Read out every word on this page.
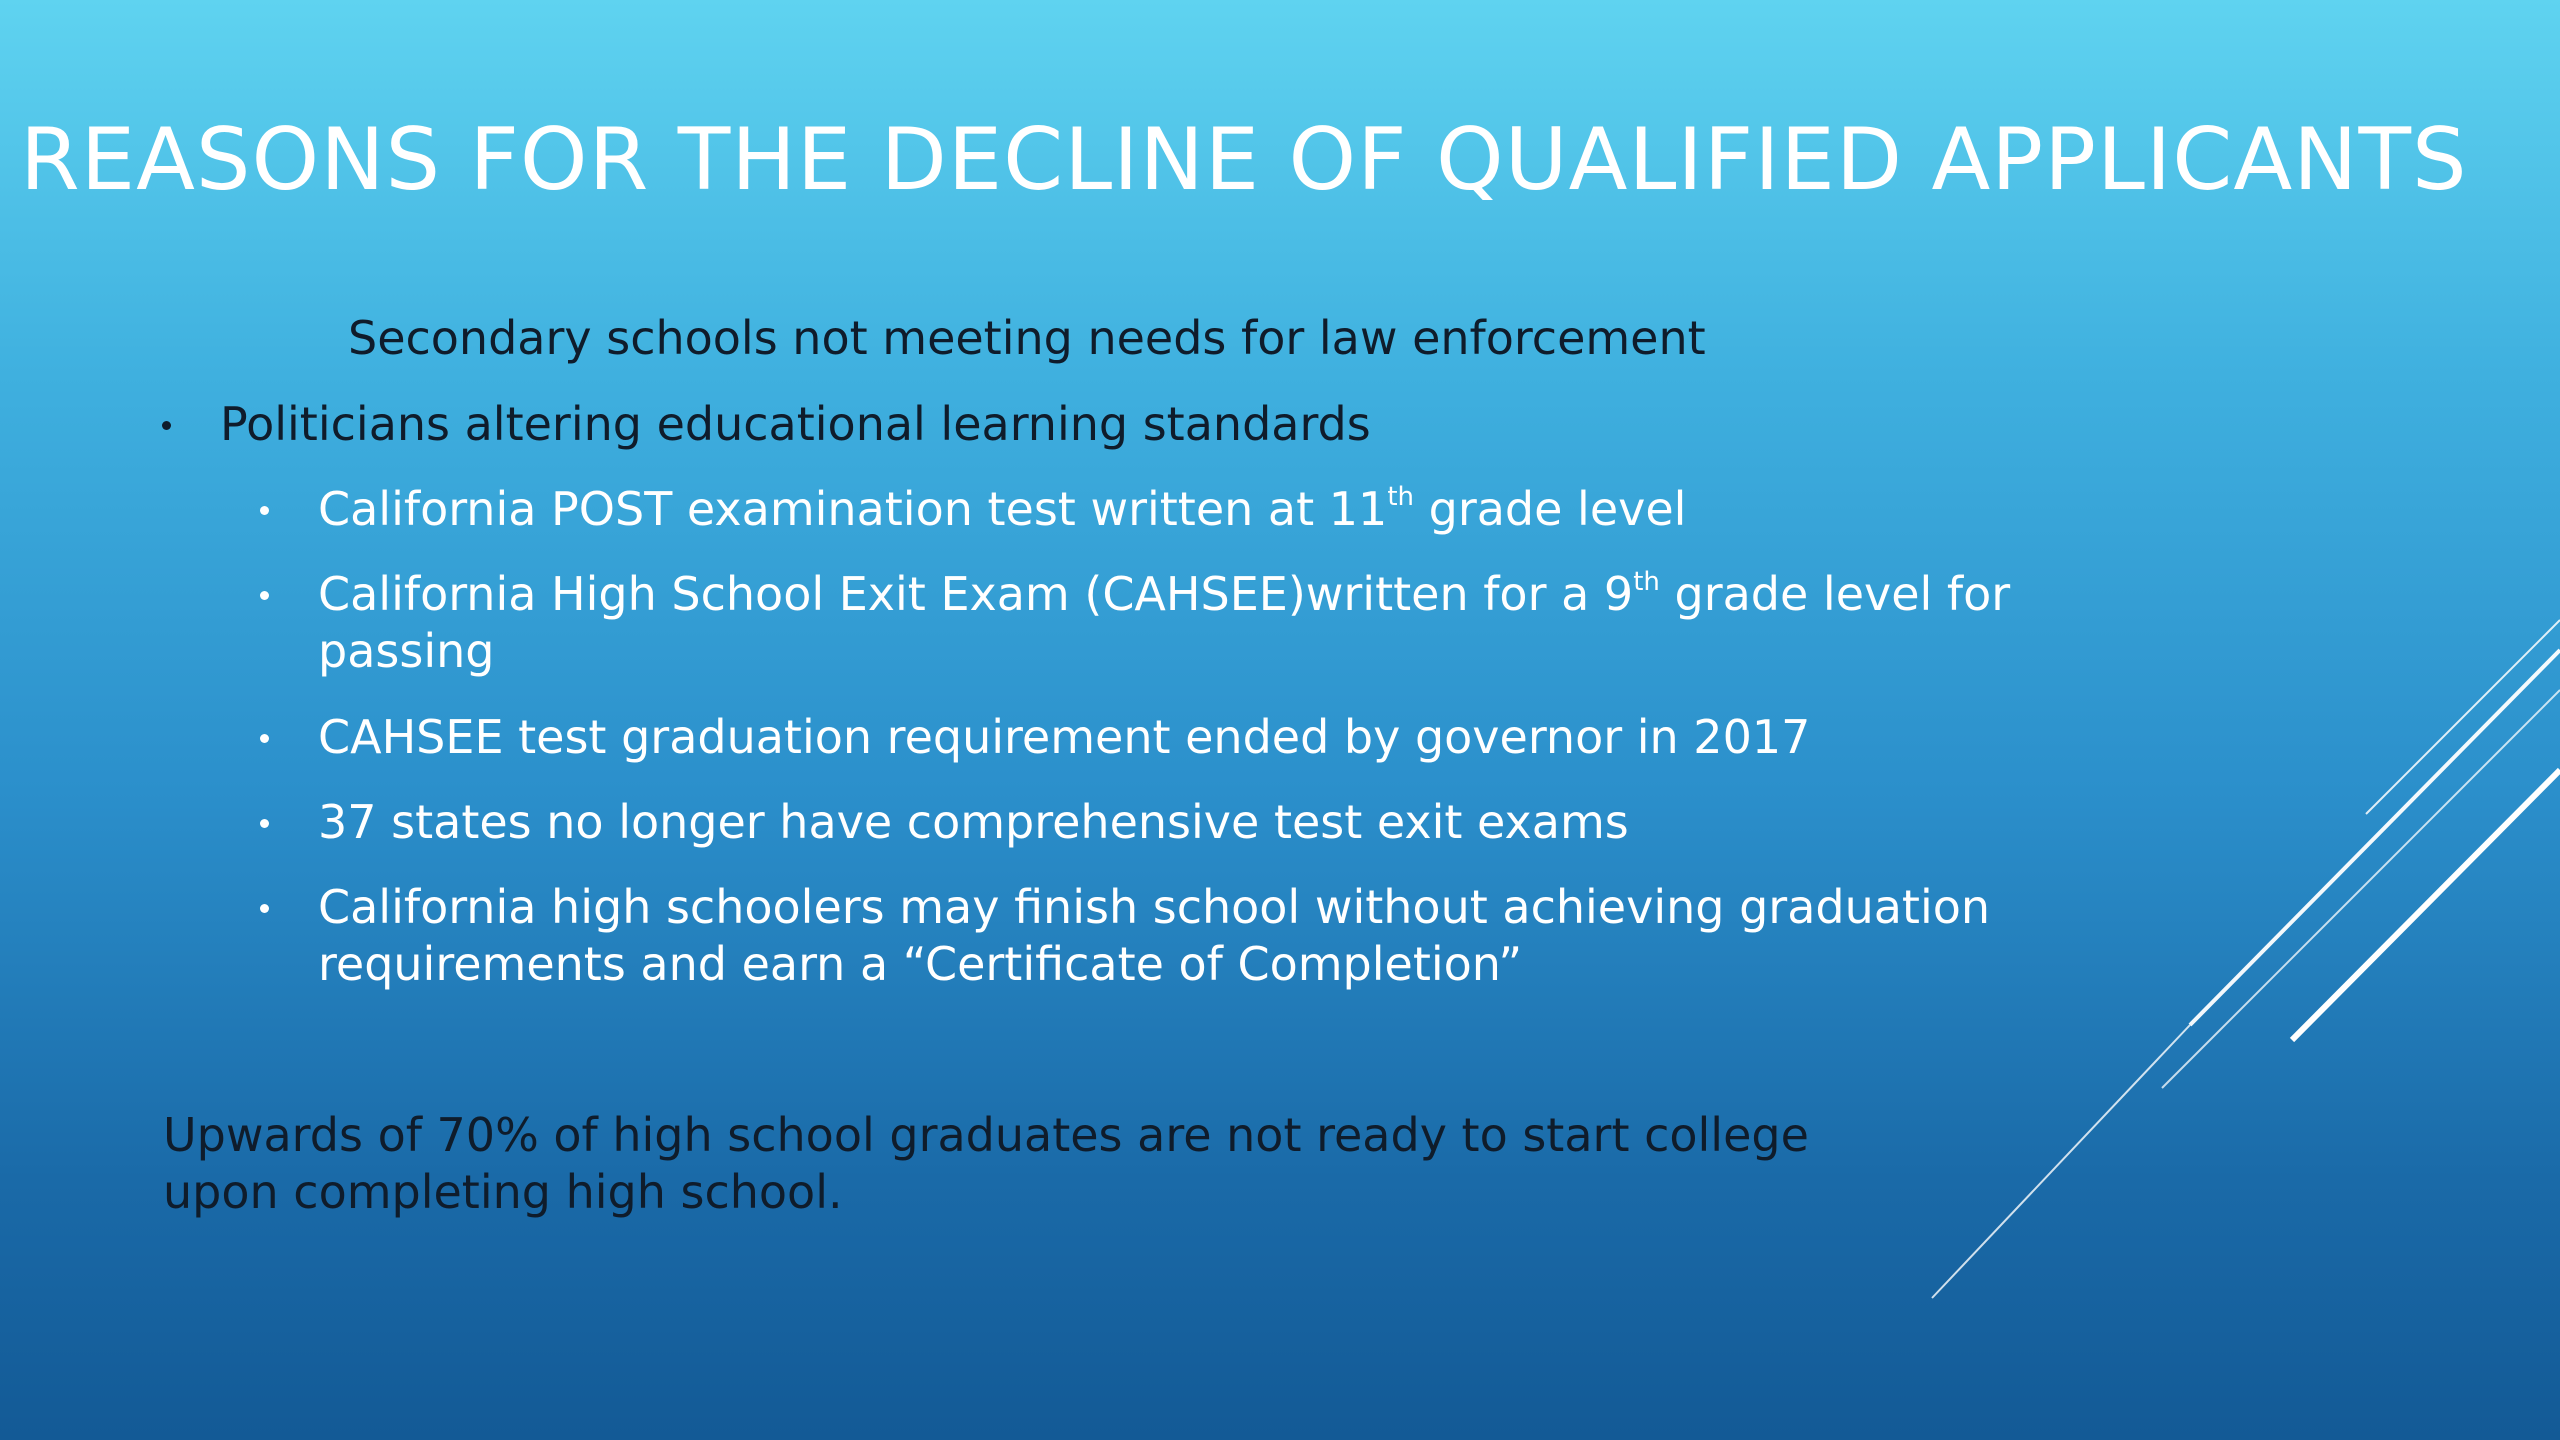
REASONS FOR THE DECLINE OF QUALIFIED APPLICANTS
Secondary schools not meeting needs for law enforcement
Politicians altering educational learning standards
California POST examination test written at 11th grade level
California High School Exit Exam (CAHSEE)written for a 9th grade level for passing
CAHSEE test graduation requirement ended by governor in 2017
37 states no longer have comprehensive test exit exams
California high schoolers may finish school without achieving graduation requirements and earn a “Certificate of Completion”
Upwards of 70% of high school graduates are not ready to start college upon completing high school.
